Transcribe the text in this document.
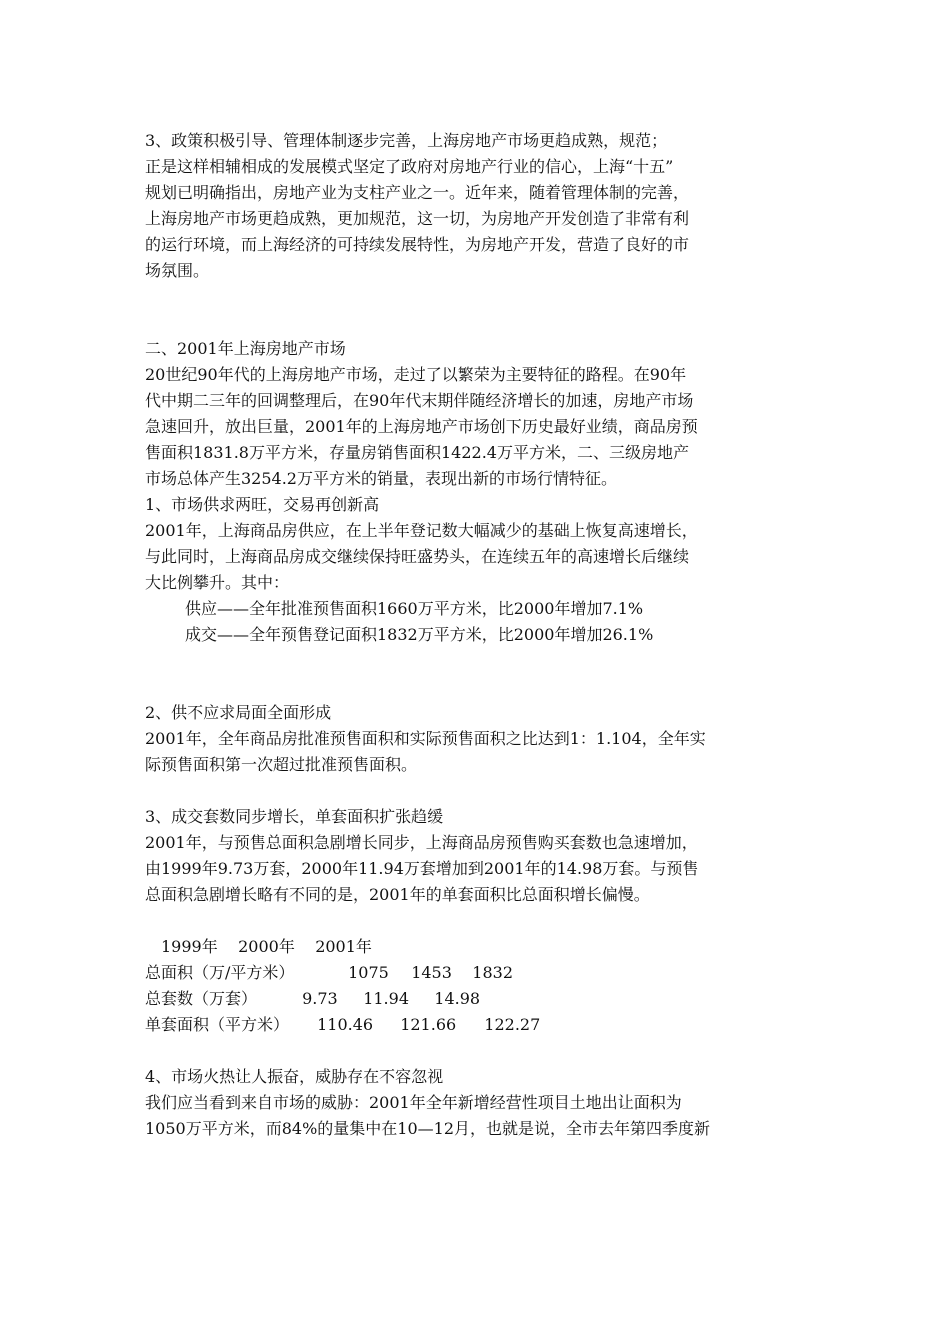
3、政策积极引导、管理体制逐步完善，上海房地产市场更趋成熟，规范；
正是这样相辅相成的发展模式坚定了政府对房地产行业的信心，上海“十五”
规划已明确指出，房地产业为支柱产业之一。近年来，随着管理体制的完善，
上海房地产市场更趋成熟，更加规范，这一切，为房地产开发创造了非常有利
的运行环境，而上海经济的可持续发展特性，为房地产开发，营造了良好的市
场氛围。
二、2001年上海房地产市场
20世纪90年代的上海房地产市场，走过了以繁荣为主要特征的路程。在90年
代中期二三年的回调整理后，在90年代末期伴随经济增长的加速，房地产市场
急速回升，放出巨量，2001年的上海房地产市场创下历史最好业绩，商品房预
售面积1831.8万平方米，存量房销售面积1422.4万平方米，二、三级房地产
市场总体产生3254.2万平方米的销量，表现出新的市场行情特征。
1、市场供求两旺，交易再创新高
2001年，上海商品房供应，在上半年登记数大幅减少的基础上恢复高速增长，
与此同时，上海商品房成交继续保持旺盛势头，在连续五年的高速增长后继续
大比例攀升。其中：
供应——全年批准预售面积1660万平方米，比2000年增加7.1%
成交——全年预售登记面积1832万平方米，比2000年增加26.1%
2、供不应求局面全面形成
2001年，全年商品房批准预售面积和实际预售面积之比达到1：1.104，全年实
际预售面积第一次超过批准预售面积。
3、成交套数同步增长，单套面积扩张趋缓
2001年，与预售总面积急剧增长同步，上海商品房预售购买套数也急速增加，
由1999年9.73万套，2000年11.94万套增加到2001年的14.98万套。与预售
总面积急剧增长略有不同的是，2001年的单套面积比总面积增长偏慢。
1999年 2000年 2001年
总面积（万/平方米）	1075 1453 1832
总套数（万套）	9.73 11.94 14.98
单套面积（平方米） 110.46 121.66 122.27
4、市场火热让人振奋，威胁存在不容忽视
我们应当看到来自市场的威胁：2001年全年新增经营性项目土地出让面积为
1050万平方米，而84%的量集中在10—12月，也就是说，全市去年第四季度新
